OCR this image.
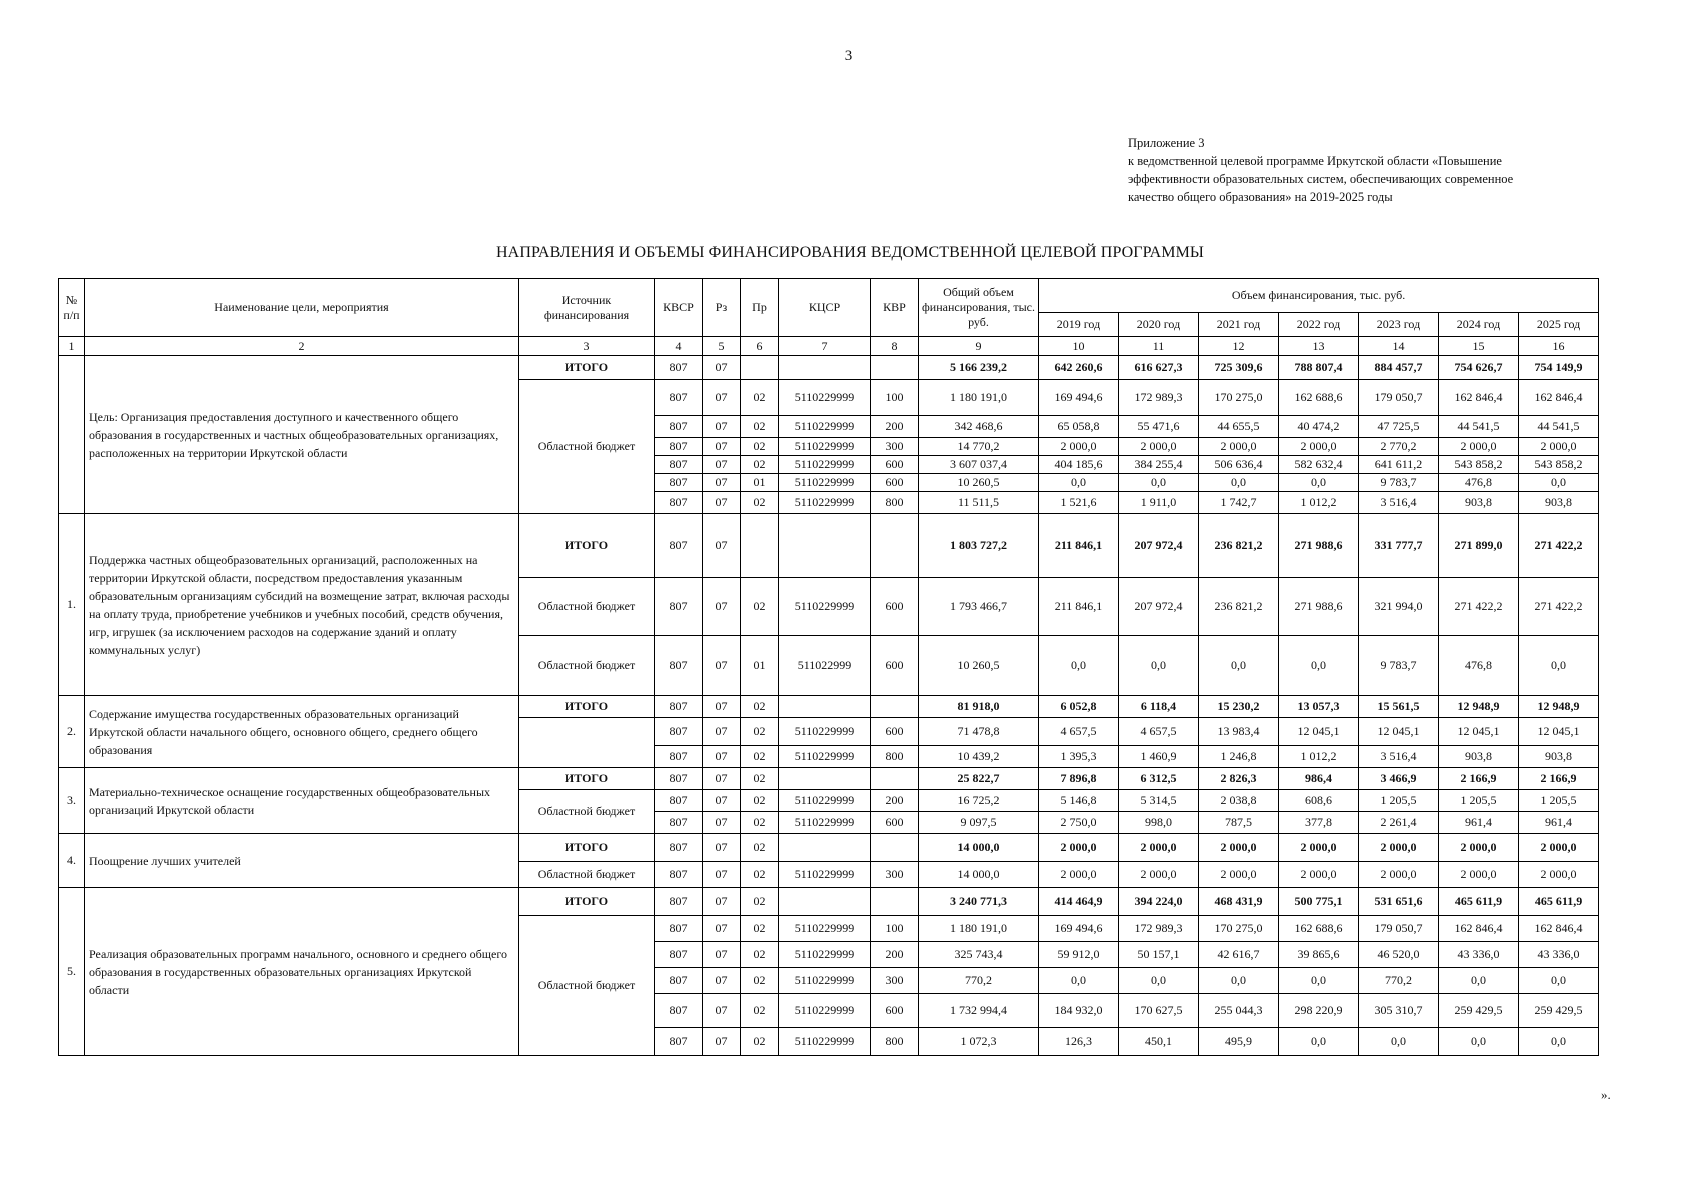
3
Приложение 3
к ведомственной целевой программе Иркутской области «Повышение
эффективности образовательных систем, обеспечивающих современное
качество общего образования» на 2019-2025 годы
НАПРАВЛЕНИЯ И ОБЪЕМЫ ФИНАНСИРОВАНИЯ ВЕДОМСТВЕННОЙ ЦЕЛЕВОЙ ПРОГРАММЫ
№ п/п	Наименование цели, мероприятия	Источник финансирования	КВСР	Рз	Пр	КЦСР	КВР	Общий объем финансирования, тыс. руб.	Объем финансирования, тыс. руб.						
									2019 год	2020 год	2021 год	2022 год	2023 год	2024 год	2025 год
1	2	3	4	5	6	7	8	9	10	11	12	13	14	15	16
	Цель: Организация предоставления доступного и качественного общего образования в государственных и частных общеобразовательных организациях, расположенных на территории Иркутской области	ИТОГО	807	07				5 166 239,2	642 260,6	616 627,3	725 309,6	788 807,4	884 457,7	754 626,7	754 149,9
		Областной бюджет	807	07	02	5110229999	100	1 180 191,0	169 494,6	172 989,3	170 275,0	162 688,6	179 050,7	162 846,4	162 846,4
			807	07	02	5110229999	200	342 468,6	65 058,8	55 471,6	44 655,5	40 474,2	47 725,5	44 541,5	44 541,5
			807	07	02	5110229999	300	14 770,2	2 000,0	2 000,0	2 000,0	2 000,0	2 770,2	2 000,0	2 000,0
			807	07	02	5110229999	600	3 607 037,4	404 185,6	384 255,4	506 636,4	582 632,4	641 611,2	543 858,2	543 858,2
			807	07	01	5110229999	600	10 260,5	0,0	0,0	0,0	0,0	9 783,7	476,8	0,0
			807	07	02	5110229999	800	11 511,5	1 521,6	1 911,0	1 742,7	1 012,2	3 516,4	903,8	903,8
1.	Поддержка частных общеобразовательных организаций, расположенных на территории Иркутской области, посредством предоставления указанным образовательным организациям субсидий на возмещение затрат, включая расходы на оплату труда, приобретение учебников и учебных пособий, средств обучения, игр, игрушек (за исключением расходов на содержание зданий и оплату коммунальных услуг)	ИТОГО	807	07				1 803 727,2	211 846,1	207 972,4	236 821,2	271 988,6	331 777,7	271 899,0	271 422,2
		Областной бюджет	807	07	02	5110229999	600	1 793 466,7	211 846,1	207 972,4	236 821,2	271 988,6	321 994,0	271 422,2	271 422,2
		Областной бюджет	807	07	01	511022999	600	10 260,5	0,0	0,0	0,0	0,0	9 783,7	476,8	0,0
2.	Содержание имущества государственных образовательных организаций Иркутской области начального общего, основного общего, среднего общего образования	ИТОГО	807	07	02			81 918,0	6 052,8	6 118,4	15 230,2	13 057,3	15 561,5	12 948,9	12 948,9
			807	07	02	5110229999	600	71 478,8	4 657,5	4 657,5	13 983,4	12 045,1	12 045,1	12 045,1	12 045,1
			807	07	02	5110229999	800	10 439,2	1 395,3	1 460,9	1 246,8	1 012,2	3 516,4	903,8	903,8
3.	Материально-техническое оснащение государственных общеобразовательных организаций Иркутской области	ИТОГО	807	07	02			25 822,7	7 896,8	6 312,5	2 826,3	986,4	3 466,9	2 166,9	2 166,9
		Областной бюджет	807	07	02	5110229999	200	16 725,2	5 146,8	5 314,5	2 038,8	608,6	1 205,5	1 205,5	1 205,5
			807	07	02	5110229999	600	9 097,5	2 750,0	998,0	787,5	377,8	2 261,4	961,4	961,4
4.	Поощрение лучших учителей	ИТОГО	807	07	02			14 000,0	2 000,0	2 000,0	2 000,0	2 000,0	2 000,0	2 000,0	2 000,0
		Областной бюджет	807	07	02	5110229999	300	14 000,0	2 000,0	2 000,0	2 000,0	2 000,0	2 000,0	2 000,0	2 000,0
5.	Реализация образовательных программ начального, основного и среднего общего образования в государственных образовательных организациях Иркутской области	ИТОГО	807	07	02			3 240 771,3	414 464,9	394 224,0	468 431,9	500 775,1	531 651,6	465 611,9	465 611,9
		Областной бюджет	807	07	02	5110229999	100	1 180 191,0	169 494,6	172 989,3	170 275,0	162 688,6	179 050,7	162 846,4	162 846,4
			807	07	02	5110229999	200	325 743,4	59 912,0	50 157,1	42 616,7	39 865,6	46 520,0	43 336,0	43 336,0
			807	07	02	5110229999	300	770,2	0,0	0,0	0,0	0,0	770,2	0,0	0,0
			807	07	02	5110229999	600	1 732 994,4	184 932,0	170 627,5	255 044,3	298 220,9	305 310,7	259 429,5	259 429,5
			807	07	02	5110229999	800	1 072,3	126,3	450,1	495,9	0,0	0,0	0,0	0,0
».
